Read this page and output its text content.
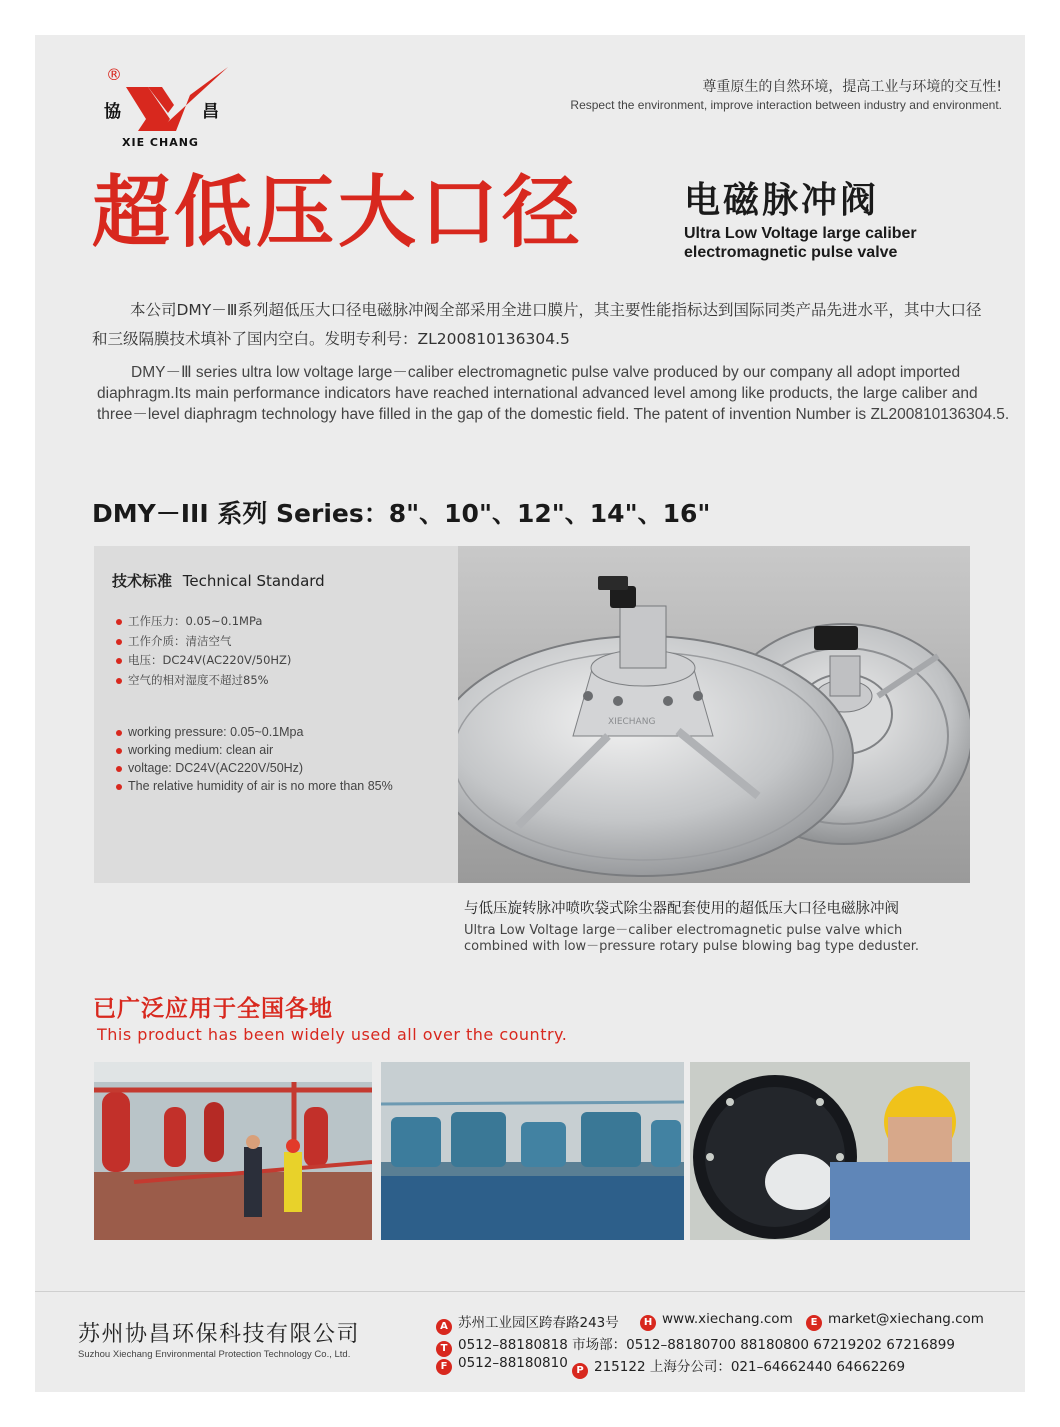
®
協	昌
XIE CHANG
尊重原生的自然环境，提高工业与环境的交互性!
Respect the environment, improve interaction between industry and environment.
超低压大口径	电磁脉冲阀
Ultra Low Voltage large caliber
electromagnetic pulse valve
本公司DMY－Ⅲ系列超低压大口径电磁脉冲阀全部采用全进口膜片，其主要性能指标达到国际同类产品先进水平，其中大口径和三级隔膜技术填补了国内空白。发明专利号：ZL200810136304.5
DMY－Ⅲ series ultra low voltage large－caliber electromagnetic pulse valve produced by our company all adopt imported diaphragm.Its main performance indicators have reached international advanced level among like products, the large caliber and three－level diaphragm technology have filled in the gap of the domestic field. The patent of invention Number is ZL200810136304.5.
DMY－III 系列 Series：8"、10"、12"、14"、16"
技术标准 Technical Standard
工作压力：0.05~0.1MPa
工作介质：清洁空气
电压：DC24V(AC220V/50HZ)
空气的相对湿度不超过85%
working pressure: 0.05~0.1Mpa
working medium: clean air
voltage: DC24V(AC220V/50Hz)
The relative humidity of air is no more than 85%
XIECHANG
与低压旋转脉冲喷吹袋式除尘器配套使用的超低压大口径电磁脉冲阀
Ultra Low Voltage large－caliber electromagnetic pulse valve which
combined with low－pressure rotary pulse blowing bag type deduster.
已广泛应用于全国各地
This product has been widely used all over the country.
苏州协昌环保科技有限公司
Suzhou Xiechang Environmental Protection Technology Co., Ltd.
A 苏州工业园区跨春路243号	H www.xiechang.com	E market@xiechang.com
T 0512–88180818 市场部：0512–88180700 88180800 67219202 67216899
F 0512–88180810 P 215122 上海分公司：021–64662440 64662269
